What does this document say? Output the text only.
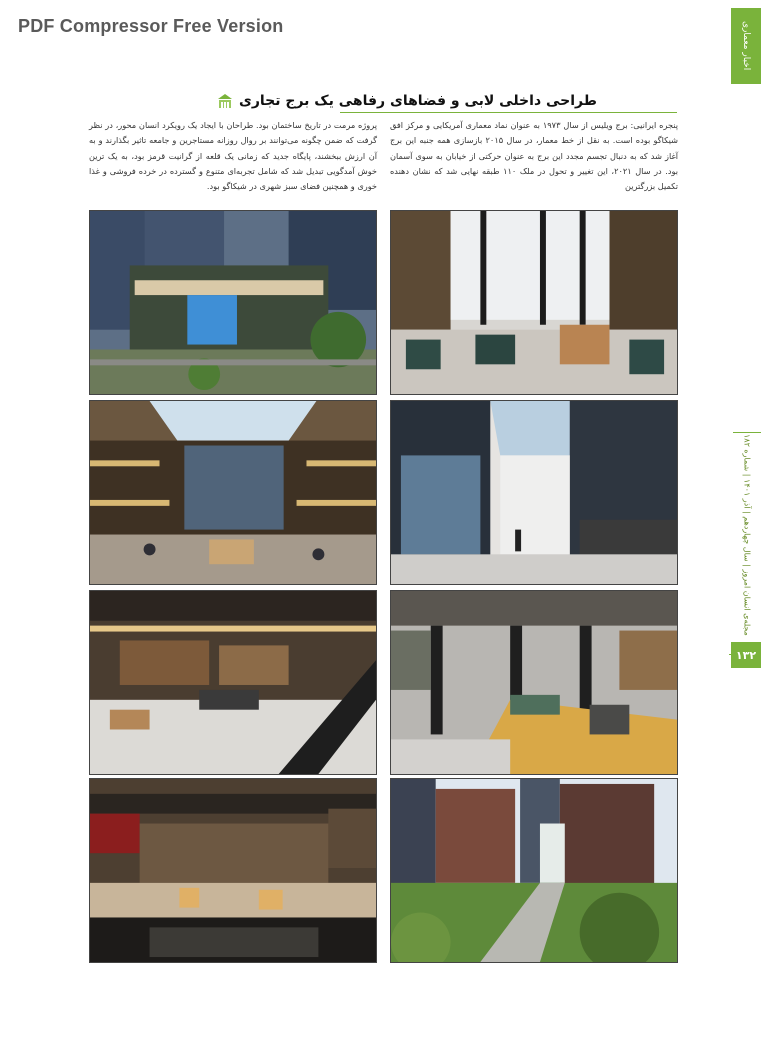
PDF Compressor Free Version	اخبار معماری
طراحی داخلی لابی و فضاهای رفاهی یک برج تجاری
پنجره ایرانیی: برج ویلیس از سال ۱۹۷۳ به عنوان نماد معماری آمریکایی و مرکز افق شیکاگو بوده است. به نقل از خط معمار، در سال ۲۰۱۵ بازسازی همه جنبه این برج آغاز شد که به دنبال تجسم مجدد این برج به عنوان حرکتی از خیابان به سوی آسمان بود. در سال ۲۰۲۱، این تغییر و تحول در ملک ۱۱۰ طبقه نهایی شد که نشان دهنده تکمیل بزرگترین
پروژه مرمت در تاریخ ساختمان بود. طراحان با ایجاد یک رویکرد انسان محور، در نظر گرفت که ضمن چگونه می‌توانند بر روال روزانه مستاجرین و جامعه تاثیر بگذارند و به آن ارزش ببخشند، پایگاه جدید که زمانی یک قلعه از گرانیت قرمز بود، به یک ترین خوش آمدگویی تبدیل شد که شامل تجربه‌ای متنوع و گسترده در خرده فروشی و غذا خوری و همچنین فضای سبز شهری در شیکاگو بود.
مجله‌ی انسان امروز | سال چهاردهم | آذر ۱۴۰۱ | شماره ۱۸۲
۱۳۲
